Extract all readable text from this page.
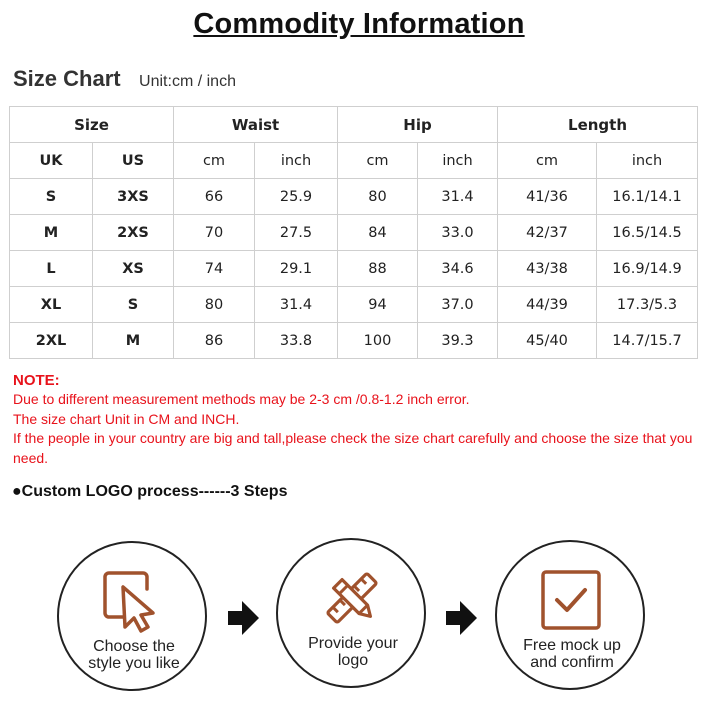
Commodity Information
Size Chart Unit:cm / inch
Size		Waist		Hip		Length	
UK	US	cm	inch	cm	inch	cm	inch
S	3XS	66	25.9	80	31.4	41/36	16.1/14.1
M	2XS	70	27.5	84	33.0	42/37	16.5/14.5
L	XS	74	29.1	88	34.6	43/38	16.9/14.9
XL	S	80	31.4	94	37.0	44/39	17.3/5.3
2XL	M	86	33.8	100	39.3	45/40	14.7/15.7
NOTE:
Due to different measurement methods may be 2-3 cm /0.8-1.2 inch error.
The size chart Unit in CM and INCH.
If the people in your country are big and tall,please check the size chart carefully and choose the size that you need.
●Custom LOGO process------3 Steps
Choose the
style you like
Provide your
logo
Free mock up
and confirm
